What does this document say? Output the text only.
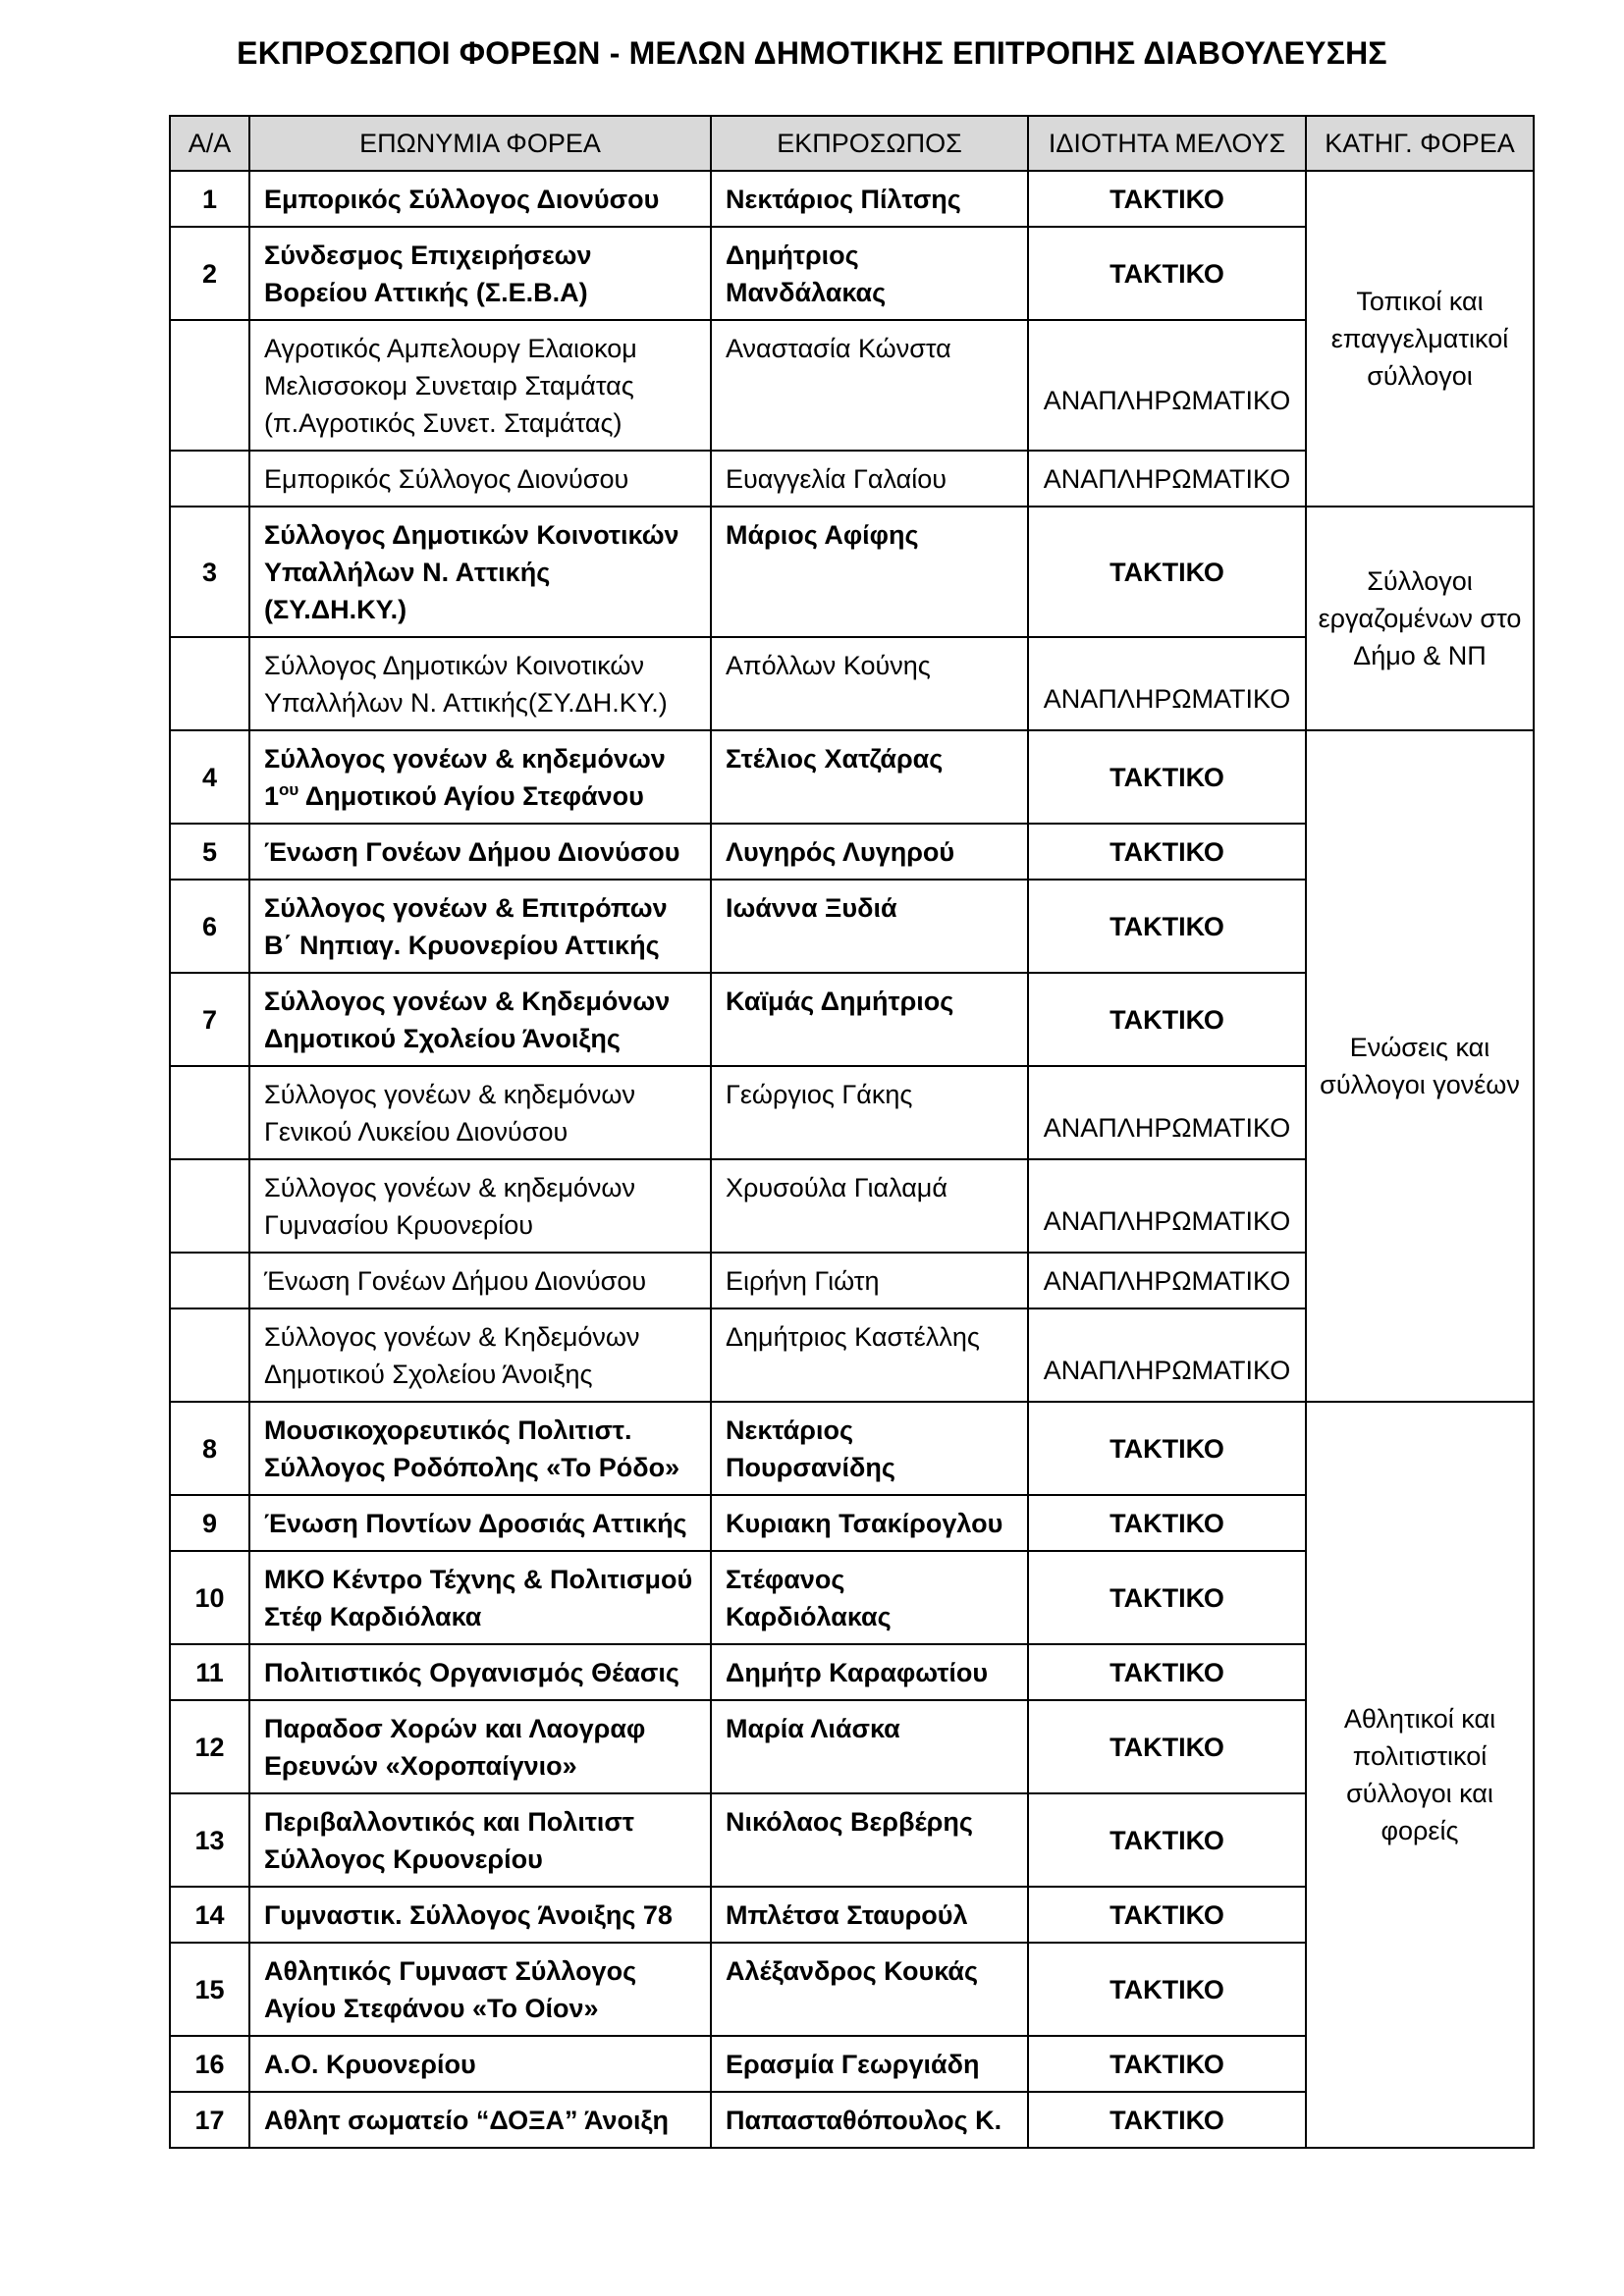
ΕΚΠΡΟΣΩΠΟΙ ΦΟΡΕΩΝ - ΜΕΛΩΝ ΔΗΜΟΤΙΚΗΣ ΕΠΙΤΡΟΠΗΣ ΔΙΑΒΟΥΛΕΥΣΗΣ
Α/Α	ΕΠΩΝΥΜΙΑ ΦΟΡΕΑ	ΕΚΠΡΟΣΩΠΟΣ	ΙΔΙΟΤΗΤΑ ΜΕΛΟΥΣ	ΚΑΤΗΓ. ΦΟΡΕΑ
1	Εμπορικός Σύλλογος Διονύσου	Νεκτάριος Πίλτσης	ΤΑΚΤΙΚΟ	Τοπικοί και επαγγελματικοί σύλλογοι
2	Σύνδεσμος Επιχειρήσεων Βορείου Αττικής (Σ.Ε.Β.Α)	Δημήτριος Μανδάλακας	ΤΑΚΤΙΚΟ	
	Αγροτικός Αμπελουργ Ελαιοκομ Μελισσοκομ Συνεταιρ Σταμάτας (π.Αγροτικός Συνετ. Σταμάτας)	Αναστασία Κώνστα	ΑΝΑΠΛΗΡΩΜΑΤΙΚΟ	
	Εμπορικός Σύλλογος Διονύσου	Ευαγγελία Γαλαίου	ΑΝΑΠΛΗΡΩΜΑΤΙΚΟ	
3	Σύλλογος Δημοτικών Κοινοτικών Υπαλλήλων Ν. Αττικής (ΣΥ.ΔΗ.ΚΥ.)	Μάριος Αφίφης	ΤΑΚΤΙΚΟ	Σύλλογοι εργαζομένων στο Δήμο & ΝΠ
	Σύλλογος Δημοτικών Κοινοτικών Υπαλλήλων Ν. Αττικής(ΣΥ.ΔΗ.ΚΥ.)	Απόλλων Κούνης	ΑΝΑΠΛΗΡΩΜΑΤΙΚΟ	
4	Σύλλογος γονέων & κηδεμόνων $1^{o\upsilon}$ Δημοτικού Αγίου Στεφάνου	Στέλιος Χατζάρας	ΤΑΚΤΙΚΟ	Ενώσεις και σύλλογοι γονέων
5	Ένωση Γονέων Δήμου Διονύσου	Λυγηρός Λυγηρού	ΤΑΚΤΙΚΟ	
6	Σύλλογος γονέων & Επιτρόπων Β΄ Νηπιαγ. Κρυονερίου Αττικής	Ιωάννα Ξυδιά	ΤΑΚΤΙΚΟ	
7	Σύλλογος γονέων & Κηδεμόνων Δημοτικού Σχολείου Άνοιξης	Καϊμάς Δημήτριος	ΤΑΚΤΙΚΟ	
	Σύλλογος γονέων & κηδεμόνων Γενικού Λυκείου Διονύσου	Γεώργιος Γάκης	ΑΝΑΠΛΗΡΩΜΑΤΙΚΟ	
	Σύλλογος γονέων & κηδεμόνων Γυμνασίου Κρυονερίου	Χρυσούλα Γιαλαμά	ΑΝΑΠΛΗΡΩΜΑΤΙΚΟ	
	Ένωση Γονέων Δήμου Διονύσου	Ειρήνη Γιώτη	ΑΝΑΠΛΗΡΩΜΑΤΙΚΟ	
	Σύλλογος γονέων & Κηδεμόνων Δημοτικού Σχολείου Άνοιξης	Δημήτριος Καστέλλης	ΑΝΑΠΛΗΡΩΜΑΤΙΚΟ	
8	Μουσικοχορευτικός Πολιτιστ. Σύλλογος Ροδόπολης «Το Ρόδο»	Νεκτάριος Πουρσανίδης	ΤΑΚΤΙΚΟ	Αθλητικοί και πολιτιστικοί σύλλογοι και φορείς
9	Ένωση Ποντίων Δροσιάς Αττικής	Κυριακη Τσακίρογλου	ΤΑΚΤΙΚΟ	
10	ΜΚΟ Κέντρο Τέχνης & Πολιτισμού Στέφ Καρδιόλακα	Στέφανος Καρδιόλακας	ΤΑΚΤΙΚΟ	
11	Πολιτιστικός Οργανισμός Θέασις	Δημήτρ Καραφωτίου	ΤΑΚΤΙΚΟ	
12	Παραδοσ Χορών και Λαογραφ Ερευνών «Χοροπαίγνιο»	Μαρία Λιάσκα	ΤΑΚΤΙΚΟ	
13	Περιβαλλοντικός και Πολιτιστ Σύλλογος Κρυονερίου	Νικόλαος Βερβέρης	ΤΑΚΤΙΚΟ	
14	Γυμναστικ. Σύλλογος Άνοιξης 78	Μπλέτσα Σταυρούλ	ΤΑΚΤΙΚΟ	
15	Αθλητικός Γυμναστ Σύλλογος Αγίου Στεφάνου «Το Οίον»	Αλέξανδρος Κουκάς	ΤΑΚΤΙΚΟ	
16	Α.Ο. Κρυονερίου	Ερασμία Γεωργιάδη	ΤΑΚΤΙΚΟ	
17	Αθλητ σωματείο “ΔΟΞΑ” Άνοιξη	Παπασταθόπουλος Κ.	ΤΑΚΤΙΚΟ	
